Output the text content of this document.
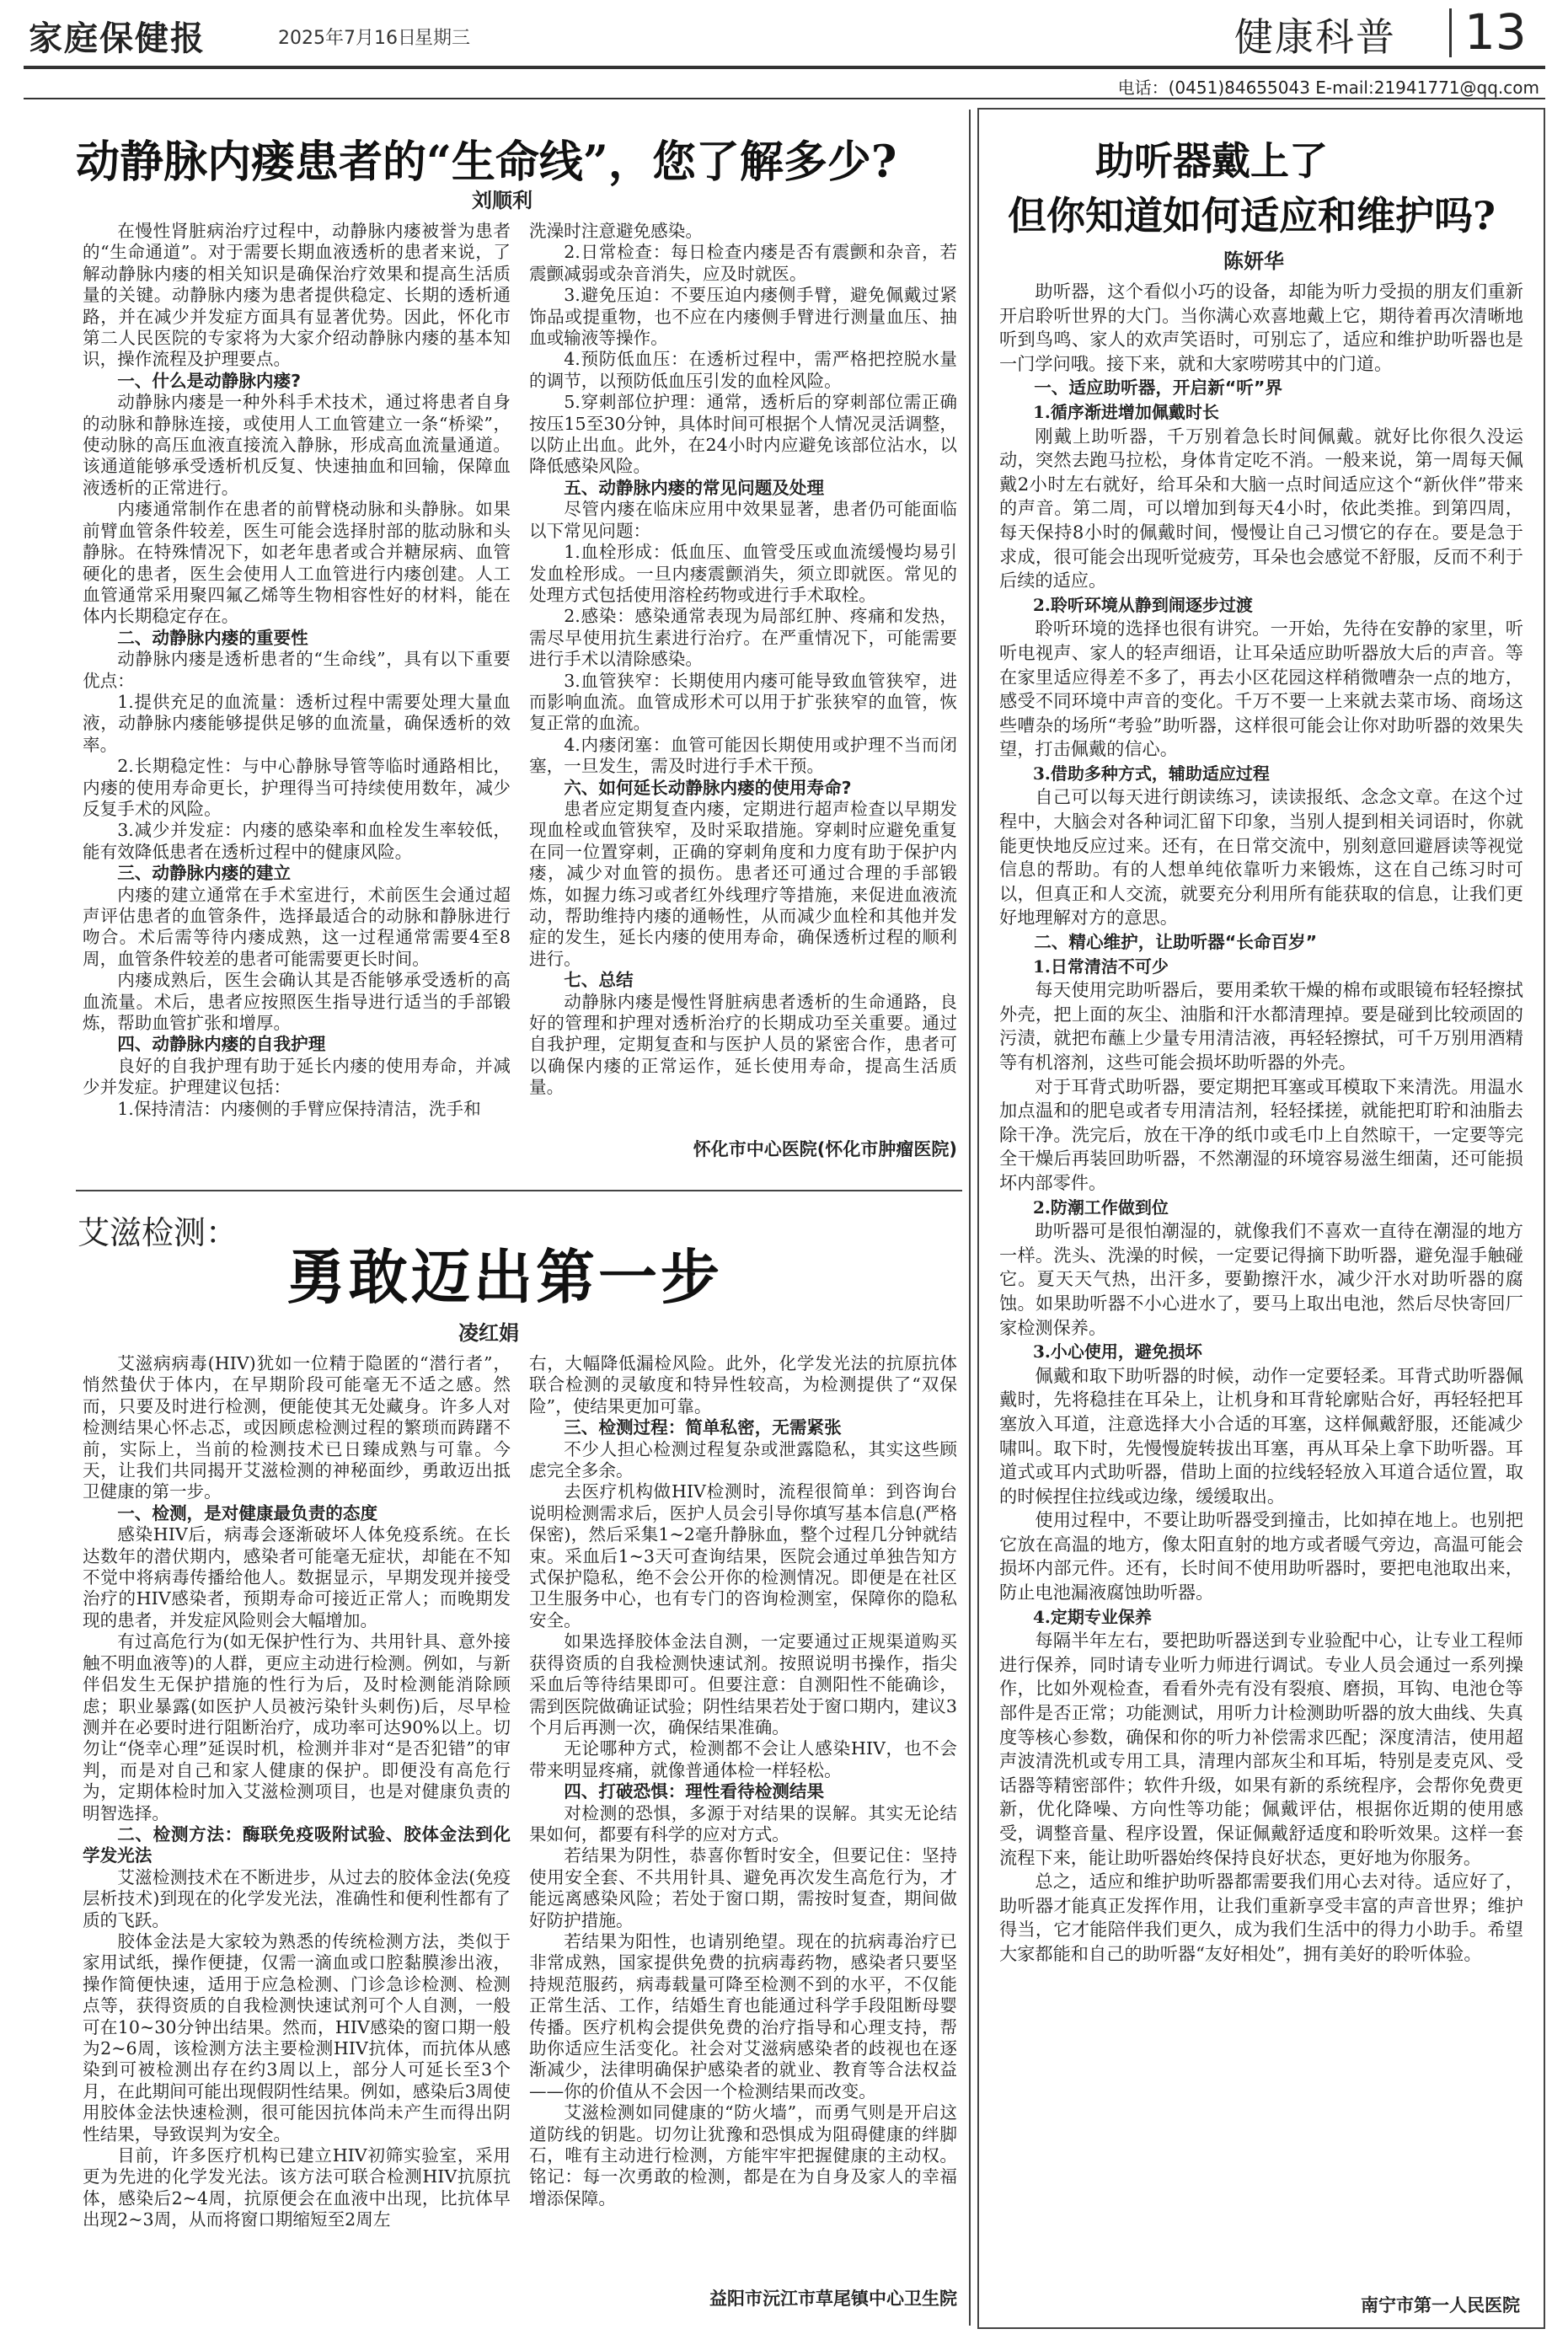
家庭保健报	2025年7月16日
星期三	健康科普 13
电话：(0451)84655043 E-mail:21941771@qq.com
动静脉内瘘患者的“生命线”，您了解多少?
刘顺利

在慢性肾脏病治疗过程中，动静脉内瘘被誉为患者的“生命通道”。对于需要长期血液透析的患者来说，了解动静脉内瘘的相关知识是确保治疗效果和提高生活质量的关键。动静脉内瘘为患者提供稳定、长期的透析通路，并在减少并发症方面具有显著优势。因此，怀化市第二人民医院的专家将为大家介绍动静脉内瘘的基本知识，操作流程及护理要点。

一、什么是动静脉内瘘?

动静脉内瘘是一种外科手术技术，通过将患者自身的动脉和静脉连接，或使用人工血管建立一条“桥梁”，使动脉的高压血液直接流入静脉，形成高血流量通道。该通道能够承受透析机反复、快速抽血和回输，保障血液透析的正常进行。

内瘘通常制作在患者的前臂桡动脉和头静脉。如果前臂血管条件较差，医生可能会选择肘部的肱动脉和头静脉。在特殊情况下，如老年患者或合并糖尿病、血管硬化的患者，医生会使用人工血管进行内瘘创建。人工血管通常采用聚四氟乙烯等生物相容性好的材料，能在体内长期稳定存在。

二、动静脉内瘘的重要性

动静脉内瘘是透析患者的“生命线”，具有以下重要优点：

1.提供充足的血流量：透析过程中需要处理大量血液，动静脉内瘘能够提供足够的血流量，确保透析的效率。

2.长期稳定性：与中心静脉导管等临时通路相比，内瘘的使用寿命更长，护理得当可持续使用数年，减少反复手术的风险。

3.减少并发症：内瘘的感染率和血栓发生率较低，能有效降低患者在透析过程中的健康风险。

三、动静脉内瘘的建立

内瘘的建立通常在手术室进行，术前医生会通过超声评估患者的血管条件，选择最适合的动脉和静脉进行吻合。术后需等待内瘘成熟，这一过程通常需要4至8周，血管条件较差的患者可能需要更长时间。

内瘘成熟后，医生会确认其是否能够承受透析的高血流量。术后，患者应按照医生指导进行适当的手部锻炼，帮助血管扩张和增厚。

四、动静脉内瘘的自我护理

良好的自我护理有助于延长内瘘的使用寿命，并减少并发症。护理建议包括：

1.保持清洁：内瘘侧的手臂应保持清洁，洗手和

洗澡时注意避免感染。

2.日常检查：每日检查内瘘是否有震颤和杂音，若震颤减弱或杂音消失，应及时就医。

3.避免压迫：不要压迫内瘘侧手臂，避免佩戴过紧饰品或提重物，也不应在内瘘侧手臂进行测量血压、抽血或输液等操作。

4.预防低血压：在透析过程中，需严格把控脱水量的调节，以预防低血压引发的血栓风险。

5.穿刺部位护理：通常，透析后的穿刺部位需正确按压15至30分钟，具体时间可根据个人情况灵活调整，以防止出血。此外，在24小时内应避免该部位沾水，以降低感染风险。

五、动静脉内瘘的常见问题及处理

尽管内瘘在临床应用中效果显著，患者仍可能面临以下常见问题：

1.血栓形成：低血压、血管受压或血流缓慢均易引发血栓形成。一旦内瘘震颤消失，须立即就医。常见的处理方式包括使用溶栓药物或进行手术取栓。

2.感染：感染通常表现为局部红肿、疼痛和发热，需尽早使用抗生素进行治疗。在严重情况下，可能需要进行手术以清除感染。

3.血管狭窄：长期使用内瘘可能导致血管狭窄，进而影响血流。血管成形术可以用于扩张狭窄的血管，恢复正常的血流。

4.内瘘闭塞：血管可能因长期使用或护理不当而闭塞，一旦发生，需及时进行手术干预。

六、如何延长动静脉内瘘的使用寿命?

患者应定期复查内瘘，定期进行超声检查以早期发现血栓或血管狭窄，及时采取措施。穿刺时应避免重复在同一位置穿刺，正确的穿刺角度和力度有助于保护内瘘，减少对血管的损伤。患者还可通过合理的手部锻炼，如握力练习或者红外线理疗等措施，来促进血液流动，帮助维持内瘘的通畅性，从而减少血栓和其他并发症的发生，延长内瘘的使用寿命，确保透析过程的顺利进行。

七、总结

动静脉内瘘是慢性肾脏病患者透析的生命通路，良好的管理和护理对透析治疗的长期成功至关重要。通过自我护理，定期复查和与医护人员的紧密合作，患者可以确保内瘘的正常运作，延长使用寿命，提高生活质量。

怀化市中心医院(怀化市肿瘤医院)
艾滋检测：
勇敢迈出第一步
凌红娟

艾滋病病毒(HIV)犹如一位精于隐匿的“潜行者”，悄然蛰伏于体内，在早期阶段可能毫无不适之感。然而，只要及时进行检测，便能使其无处藏身。许多人对检测结果心怀忐忑，或因顾虑检测过程的繁琐而踌躇不前，实际上，当前的检测技术已日臻成熟与可靠。今天，让我们共同揭开艾滋检测的神秘面纱，勇敢迈出抵卫健康的第一步。

一、检测，是对健康最负责的态度

感染HIV后，病毒会逐渐破坏人体免疫系统。在长达数年的潜伏期内，感染者可能毫无症状，却能在不知不觉中将病毒传播给他人。数据显示，早期发现并接受治疗的HIV感染者，预期寿命可接近正常人；而晚期发现的患者，并发症风险则会大幅增加。

有过高危行为(如无保护性行为、共用针具、意外接触不明血液等)的人群，更应主动进行检测。例如，与新伴侣发生无保护措施的性行为后，及时检测能消除顾虑；职业暴露(如医护人员被污染针头刺伤)后，尽早检测并在必要时进行阻断治疗，成功率可达90%以上。切勿让“侥幸心理”延误时机，检测并非对“是否犯错”的审判，而是对自己和家人健康的保护。即便没有高危行为，定期体检时加入艾滋检测项目，也是对健康负责的明智选择。

二、检测方法：酶联免疫吸附试验、胶体金法到化学发光法

艾滋检测技术在不断进步，从过去的胶体金法(免疫层析技术)到现在的化学发光法，准确性和便利性都有了质的飞跃。

胶体金法是大家较为熟悉的传统检测方法，类似于家用试纸，操作便捷，仅需一滴血或口腔黏膜渗出液，操作简便快速，适用于应急检测、门诊急诊检测、检测点等，获得资质的自我检测快速试剂可个人自测，一般可在10~30分钟出结果。然而，HIV感染的窗口期一般为2~6周，该检测方法主要检测HIV抗体，而抗体从感染到可被检测出存在约3周以上，部分人可延长至3个月，在此期间可能出现假阴性结果。例如，感染后3周使用胶体金法快速检测，很可能因抗体尚未产生而得出阴性结果，导致误判为安全。

目前，许多医疗机构已建立HIV初筛实验室，采用更为先进的化学发光法。该方法可联合检测HIV抗原抗体，感染后2~4周，抗原便会在血液中出现，比抗体早出现2~3周，从而将窗口期缩短至2周左

右，大幅降低漏检风险。此外，化学发光法的抗原抗体联合检测的灵敏度和特异性较高，为检测提供了“双保险”，使结果更加可靠。

三、检测过程：简单私密，无需紧张

不少人担心检测过程复杂或泄露隐私，其实这些顾虑完全多余。

去医疗机构做HIV检测时，流程很简单：到咨询台说明检测需求后，医护人员会引导你填写基本信息(严格保密)，然后采集1~2毫升静脉血，整个过程几分钟就结束。采血后1~3天可查询结果，医院会通过单独告知方式保护隐私，绝不会公开你的检测情况。即便是在社区卫生服务中心，也有专门的咨询检测室，保障你的隐私安全。

如果选择胶体金法自测，一定要通过正规渠道购买获得资质的自我检测快速试剂。按照说明书操作，指尖采血后等待结果即可。但要注意：自测阳性不能确诊，需到医院做确证试验；阴性结果若处于窗口期内，建议3个月后再测一次，确保结果准确。

无论哪种方式，检测都不会让人感染HIV，也不会带来明显疼痛，就像普通体检一样轻松。

四、打破恐惧：理性看待检测结果

对检测的恐惧，多源于对结果的误解。其实无论结果如何，都要有科学的应对方式。

若结果为阴性，恭喜你暂时安全，但要记住：坚持使用安全套、不共用针具、避免再次发生高危行为，才能远离感染风险；若处于窗口期，需按时复查，期间做好防护措施。

若结果为阳性，也请别绝望。现在的抗病毒治疗已非常成熟，国家提供免费的抗病毒药物，感染者只要坚持规范服药，病毒载量可降至检测不到的水平，不仅能正常生活、工作，结婚生育也能通过科学手段阻断母婴传播。医疗机构会提供免费的治疗指导和心理支持，帮助你适应生活变化。社会对艾滋病感染者的歧视也在逐渐减少，法律明确保护感染者的就业、教育等合法权益——你的价值从不会因一个检测结果而改变。

艾滋检测如同健康的“防火墙”，而勇气则是开启这道防线的钥匙。切勿让犹豫和恐惧成为阻碍健康的绊脚石，唯有主动进行检测，方能牢牢把握健康的主动权。铭记：每一次勇敢的检测，都是在为自身及家人的幸福增添保障。

益阳市沅江市草尾镇中心卫生院
助听器戴上了
但你知道如何适应和维护吗?
陈妍华

助听器，这个看似小巧的设备，却能为听力受损的朋友们重新开启聆听世界的大门。当你满心欢喜地戴上它，期待着再次清晰地听到鸟鸣、家人的欢声笑语时，可别忘了，适应和维护助听器也是一门学问哦。接下来，就和大家唠唠其中的门道。

一、适应助听器，开启新“听”界
1.循序渐进增加佩戴时长

刚戴上助听器，千万别着急长时间佩戴。就好比你很久没运动，突然去跑马拉松，身体肯定吃不消。一般来说，第一周每天佩戴2小时左右就好，给耳朵和大脑一点时间适应这个“新伙伴”带来的声音。第二周，可以增加到每天4小时，依此类推。到第四周，每天保持8小时的佩戴时间，慢慢让自己习惯它的存在。要是急于求成，很可能会出现听觉疲劳，耳朵也会感觉不舒服，反而不利于后续的适应。

2.聆听环境从静到闹逐步过渡

聆听环境的选择也很有讲究。一开始，先待在安静的家里，听听电视声、家人的轻声细语，让耳朵适应助听器放大后的声音。等在家里适应得差不多了，再去小区花园这样稍微嘈杂一点的地方，感受不同环境中声音的变化。千万不要一上来就去菜市场、商场这些嘈杂的场所“考验”助听器，这样很可能会让你对助听器的效果失望，打击佩戴的信心。

3.借助多种方式，辅助适应过程

自己可以每天进行朗读练习，读读报纸、念念文章。在这个过程中，大脑会对各种词汇留下印象，当别人提到相关词语时，你就能更快地反应过来。还有，在日常交流中，别刻意回避唇读等视觉信息的帮助。有的人想单纯依靠听力来锻炼，这在自己练习时可以，但真正和人交流，就要充分利用所有能获取的信息，让我们更好地理解对方的意思。

二、精心维护，让助听器“长命百岁”
1.日常清洁不可少

每天使用完助听器后，要用柔软干燥的棉布或眼镜布轻轻擦拭外壳，把上面的灰尘、油脂和汗水都清理掉。要是碰到比较顽固的污渍，就把布蘸上少量专用清洁液，再轻轻擦拭，可千万别用酒精等有机溶剂，这些可能会损坏助听器的外壳。

对于耳背式助听器，要定期把耳塞或耳模取下来清洗。用温水加点温和的肥皂或者专用清洁剂，轻轻揉搓，就能把耵聍和油脂去除干净。洗完后，放在干净的纸巾或毛巾上自然晾干，一定要等完全干燥后再装回助听器，不然潮湿的环境容易滋生细菌，还可能损坏内部零件。

2.防潮工作做到位

助听器可是很怕潮湿的，就像我们不喜欢一直待在潮湿的地方一样。洗头、洗澡的时候，一定要记得摘下助听器，避免湿手触碰它。夏天天气热，出汗多，要勤擦汗水，减少汗水对助听器的腐蚀。如果助听器不小心进水了，要马上取出电池，然后尽快寄回厂家检测保养。

3.小心使用，避免损坏

佩戴和取下助听器的时候，动作一定要轻柔。耳背式助听器佩戴时，先将稳挂在耳朵上，让机身和耳背轮廓贴合好，再轻轻把耳塞放入耳道，注意选择大小合适的耳塞，这样佩戴舒服，还能减少啸叫。取下时，先慢慢旋转拔出耳塞，再从耳朵上拿下助听器。耳道式或耳内式助听器，借助上面的拉线轻轻放入耳道合适位置，取的时候捏住拉线或边缘，缓缓取出。

使用过程中，不要让助听器受到撞击，比如掉在地上。也别把它放在高温的地方，像太阳直射的地方或者暖气旁边，高温可能会损坏内部元件。还有，长时间不使用助听器时，要把电池取出来，防止电池漏液腐蚀助听器。

4.定期专业保养

每隔半年左右，要把助听器送到专业验配中心，让专业工程师进行保养，同时请专业听力师进行调试。专业人员会通过一系列操作，比如外观检查，看看外壳有没有裂痕、磨损，耳钩、电池仓等部件是否正常；功能测试，用听力计检测助听器的放大曲线、失真度等核心参数，确保和你的听力补偿需求匹配；深度清洁，使用超声波清洗机或专用工具，清理内部灰尘和耳垢，特别是麦克风、受话器等精密部件；软件升级，如果有新的系统程序，会帮你免费更新，优化降噪、方向性等功能；佩戴评估，根据你近期的使用感受，调整音量、程序设置，保证佩戴舒适度和聆听效果。这样一套流程下来，能让助听器始终保持良好状态，更好地为你服务。

总之，适应和维护助听器都需要我们用心去对待。适应好了，助听器才能真正发挥作用，让我们重新享受丰富的声音世界；维护得当，它才能陪伴我们更久，成为我们生活中的得力小助手。希望大家都能和自己的助听器“友好相处”，拥有美好的聆听体验。

南宁市第一人民医院
